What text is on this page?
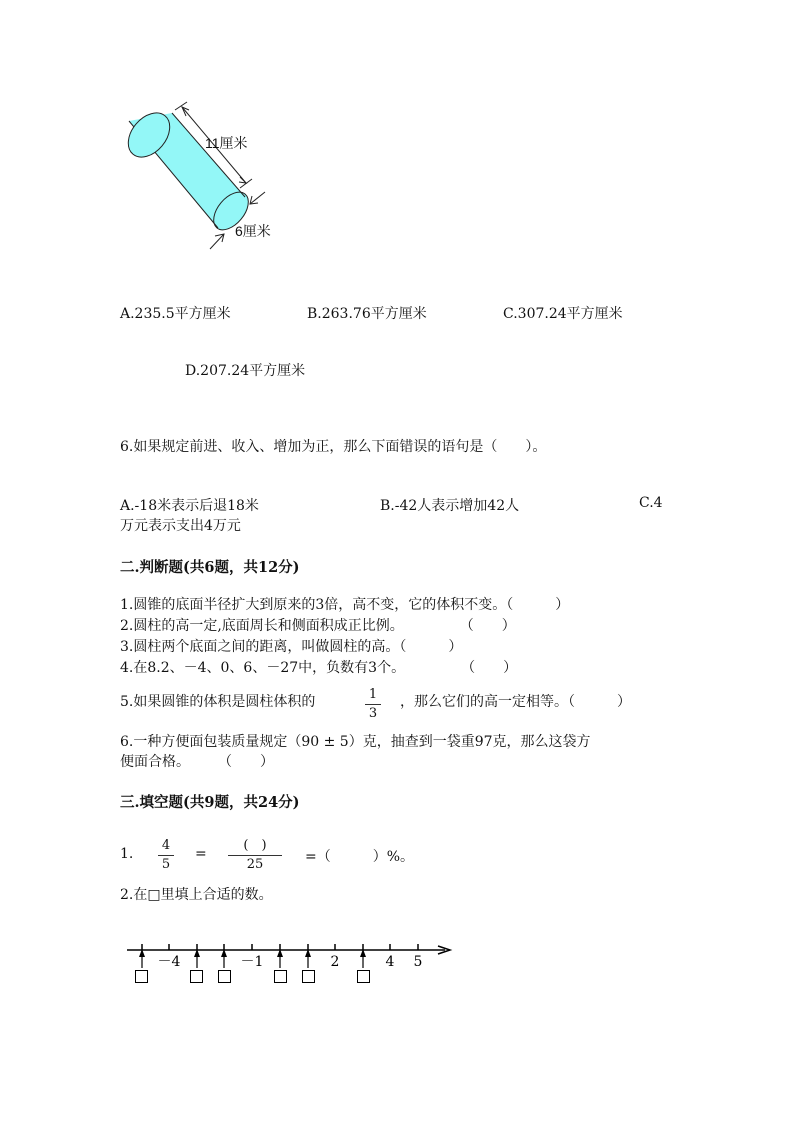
11厘米
6厘米
A.235.5平方厘米	B.263.76平方厘米	C.307.24平方厘米
D.207.24平方厘米
6.如果规定前进、收入、增加为正，那么下面错误的语句是（　　）。
A.-18米表示后退18米	B.-42人表示增加42人	C.4
万元表示支出4万元
二.判断题(共6题，共12分)
1.圆锥的底面半径扩大到原来的3倍，高不变，它的体积不变。（　　　）
2.圆柱的高一定,底面周长和侧面积成正比例。　　　　　（　　）
3.圆柱两个底面之间的距离，叫做圆柱的高。（　　　）
4.在8.2、－4、0、6、－27中，负数有3个。　　　　　（　　）
5.如果圆锥的体积是圆柱体积的	1
3
，那么它们的高一定相等。（　　　）
6.一种方便面包装质量规定（90 ± 5）克，抽查到一袋重97克，那么这袋方
便面合格。　　　（　　）
三.填空题(共9题，共24分)
1.
4
5
=
(　)
25	=（　　　）%。
2.在□里填上合适的数。
－4	－1	2	4 5
